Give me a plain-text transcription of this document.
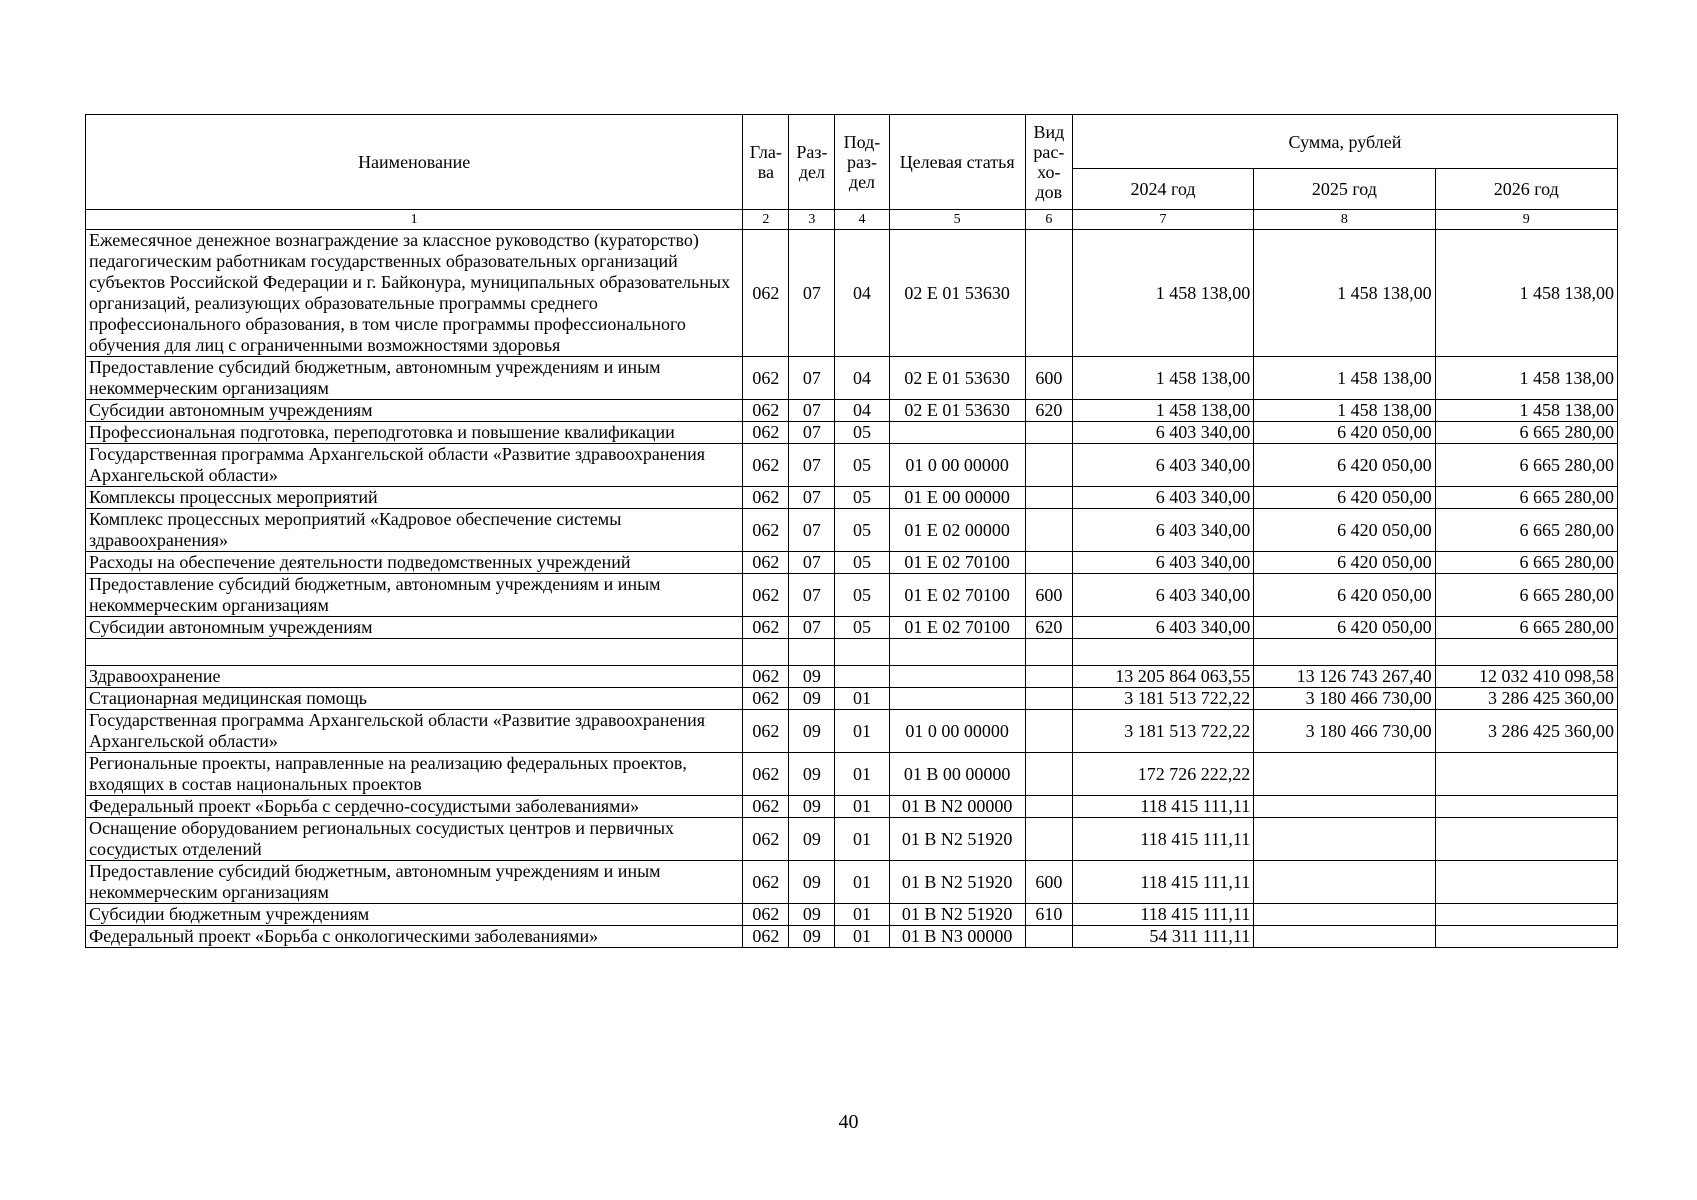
Наименование	Гла-ва	Раз-дел	Под-раз-дел	Целевая статья	Вид рас-хо-дов	Сумма, рублей		
						2024 год	2025 год	2026 год
1	2	3	4	5	6	7	8	9
Ежемесячное денежное вознаграждение за классное руководство (кураторство) педагогическим работникам государственных образовательных организаций субъектов Российской Федерации и г. Байконура, муниципальных образовательных организаций, реализующих образовательные программы среднего профессионального образования, в том числе программы профессионального обучения для лиц с ограниченными возможностями здоровья	062	07	04	02 Е 01 53630		1 458 138,00	1 458 138,00	1 458 138,00
Предоставление субсидий бюджетным, автономным учреждениям и иным некоммерческим организациям	062	07	04	02 Е 01 53630	600	1 458 138,00	1 458 138,00	1 458 138,00
Субсидии автономным учреждениям	062	07	04	02 Е 01 53630	620	1 458 138,00	1 458 138,00	1 458 138,00
Профессиональная подготовка, переподготовка и повышение квалификации	062	07	05			6 403 340,00	6 420 050,00	6 665 280,00
Государственная программа Архангельской области «Развитие здравоохранения Архангельской области»	062	07	05	01 0 00 00000		6 403 340,00	6 420 050,00	6 665 280,00
Комплексы процессных мероприятий	062	07	05	01 Е 00 00000		6 403 340,00	6 420 050,00	6 665 280,00
Комплекс процессных мероприятий «Кадровое обеспечение системы здравоохранения»	062	07	05	01 Е 02 00000		6 403 340,00	6 420 050,00	6 665 280,00
Расходы на обеспечение деятельности подведомственных учреждений	062	07	05	01 Е 02 70100		6 403 340,00	6 420 050,00	6 665 280,00
Предоставление субсидий бюджетным, автономным учреждениям и иным некоммерческим организациям	062	07	05	01 Е 02 70100	600	6 403 340,00	6 420 050,00	6 665 280,00
Субсидии автономным учреждениям	062	07	05	01 Е 02 70100	620	6 403 340,00	6 420 050,00	6 665 280,00

Здравоохранение	062	09				13 205 864 063,55	13 126 743 267,40	12 032 410 098,58
Стационарная медицинская помощь	062	09	01			3 181 513 722,22	3 180 466 730,00	3 286 425 360,00
Государственная программа Архангельской области «Развитие здравоохранения Архангельской области»	062	09	01	01 0 00 00000		3 181 513 722,22	3 180 466 730,00	3 286 425 360,00
Региональные проекты, направленные на реализацию федеральных проектов, входящих в состав национальных проектов	062	09	01	01 В 00 00000		172 726 222,22		
Федеральный проект «Борьба с сердечно-сосудистыми заболеваниями»	062	09	01	01 В N2 00000		118 415 111,11		
Оснащение оборудованием региональных сосудистых центров и первичных сосудистых отделений	062	09	01	01 В N2 51920		118 415 111,11		
Предоставление субсидий бюджетным, автономным учреждениям и иным некоммерческим организациям	062	09	01	01 В N2 51920	600	118 415 111,11		
Субсидии бюджетным учреждениям	062	09	01	01 В N2 51920	610	118 415 111,11		
Федеральный проект «Борьба с онкологическими заболеваниями»	062	09	01	01 В N3 00000		54 311 111,11		
40
